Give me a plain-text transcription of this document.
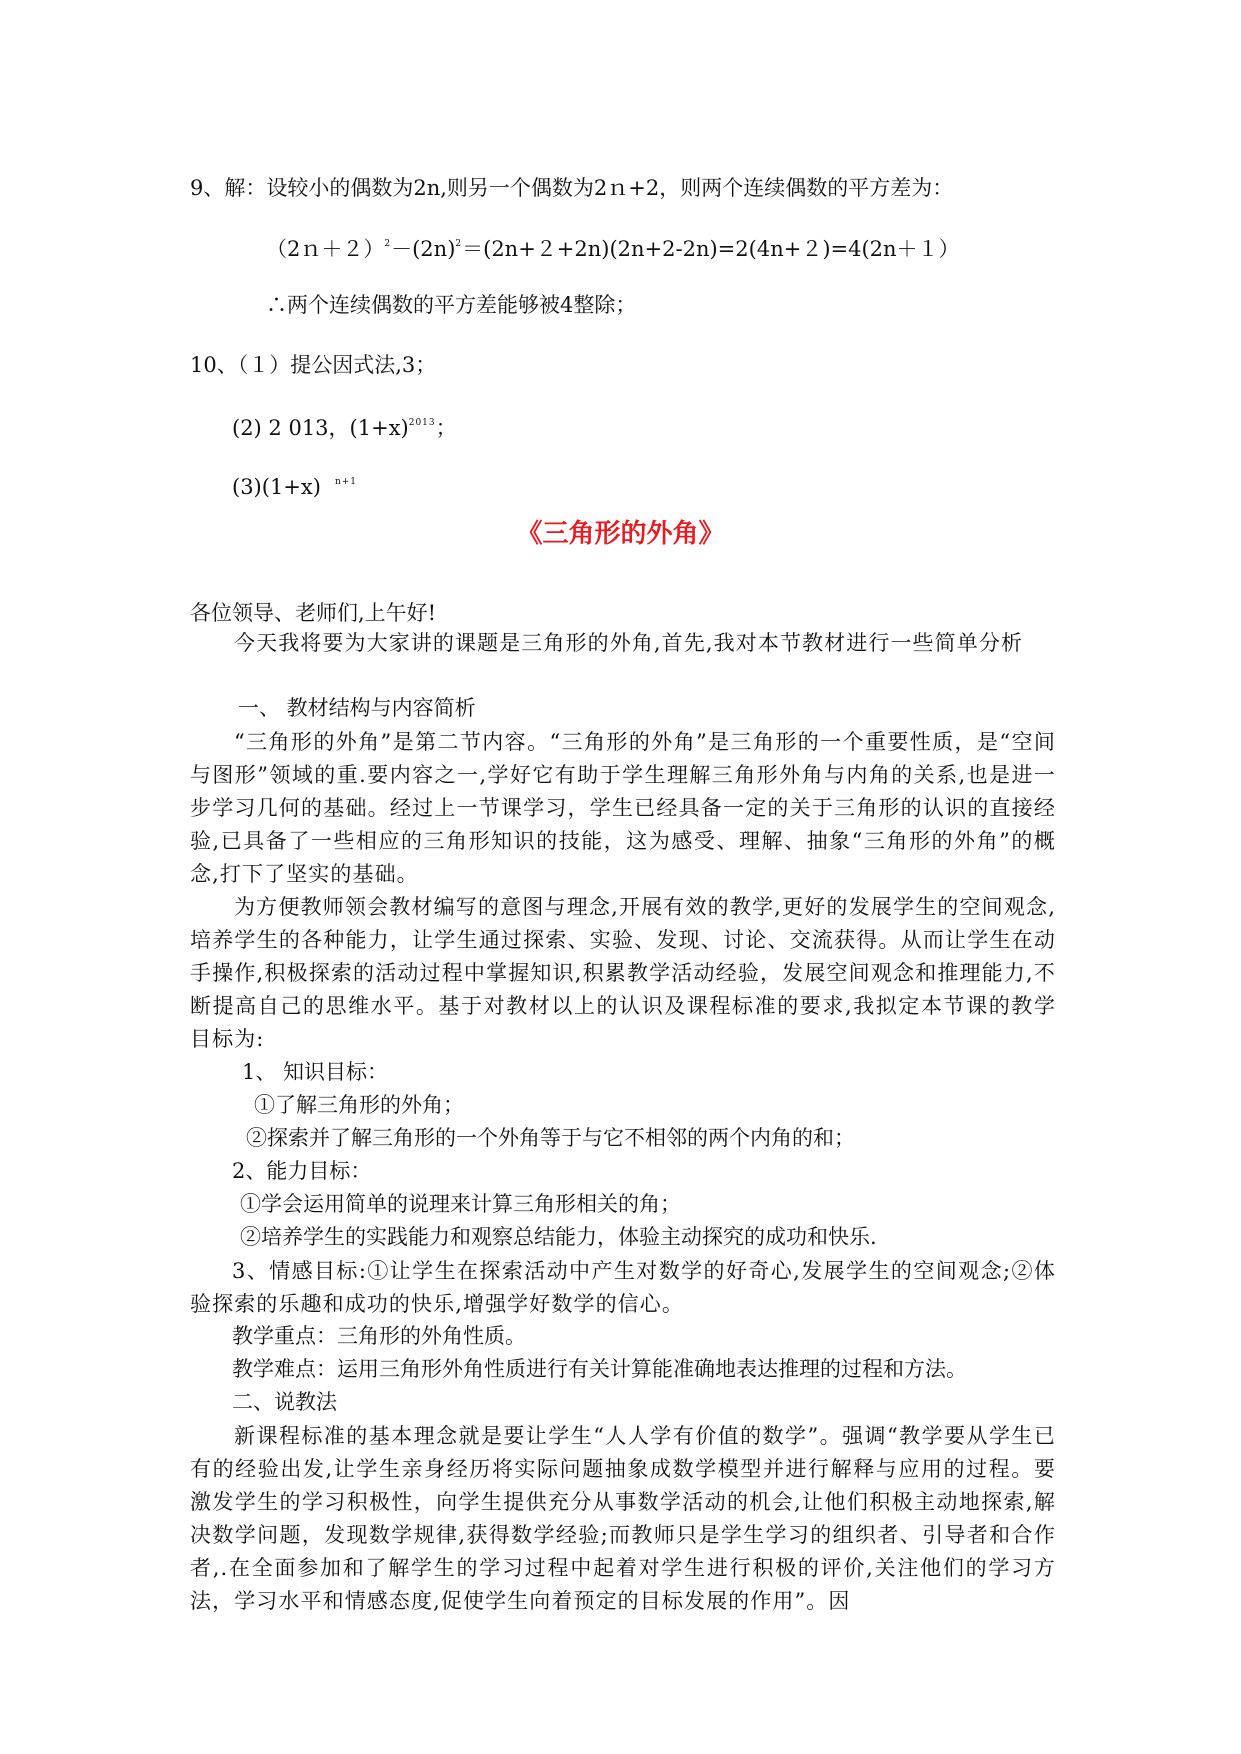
9、解：设较小的偶数为2n,则另一个偶数为2ｎ+2，则两个连续偶数的平方差为：
$(2n+2)^2-(2n)^2=(2n+2+2n)(2n+2-2n)=2(4n+2)=4(2n+1)$
∴两个连续偶数的平方差能够被4整除；
10、（１）提公因式法,3；
(2) 2 013，$(1+x)^{2013}$；
(3)(1+x) $^{n+1}$
《三角形的外角》
各位领导、老师们,上午好!
今天我将要为大家讲的课题是三角形的外角,首先,我对本节教材进行一些简单分析
一、 教材结构与内容简析
“三角形的外角”是第二节内容。“三角形的外角”是三角形的一个重要性质，是“空间与图形”领域的重.要内容之一,学好它有助于学生理解三角形外角与内角的关系,也是进一步学习几何的基础。经过上一节课学习，学生已经具备一定的关于三角形的认识的直接经验,已具备了一些相应的三角形知识的技能，这为感受、理解、抽象“三角形的外角”的概念,打下了坚实的基础。
为方便教师领会教材编写的意图与理念,开展有效的教学,更好的发展学生的空间观念,培养学生的各种能力，让学生通过探索、实验、发现、讨论、交流获得。从而让学生在动手操作,积极探索的活动过程中掌握知识,积累教学活动经验，发展空间观念和推理能力,不断提高自己的思维水平。基于对教材以上的认识及课程标准的要求,我拟定本节课的教学目标为:
1、 知识目标：
①了解三角形的外角；
②探索并了解三角形的一个外角等于与它不相邻的两个内角的和；
2、能力目标：
①学会运用简单的说理来计算三角形相关的角；
②培养学生的实践能力和观察总结能力，体验主动探究的成功和快乐.
3、情感目标:①让学生在探索活动中产生对数学的好奇心,发展学生的空间观念;②体验探索的乐趣和成功的快乐,增强学好数学的信心。
教学重点：三角形的外角性质。
教学难点：运用三角形外角性质进行有关计算能准确地表达推理的过程和方法。
二、说教法
新课程标准的基本理念就是要让学生“人人学有价值的数学”。强调“教学要从学生已有的经验出发,让学生亲身经历将实际问题抽象成数学模型并进行解释与应用的过程。要激发学生的学习积极性，向学生提供充分从事数学活动的机会,让他们积极主动地探索,解决数学问题，发现数学规律,获得数学经验;而教师只是学生学习的组织者、引导者和合作者,.在全面参加和了解学生的学习过程中起着对学生进行积极的评价,关注他们的学习方法，学习水平和情感态度,促使学生向着预定的目标发展的作用”。因
